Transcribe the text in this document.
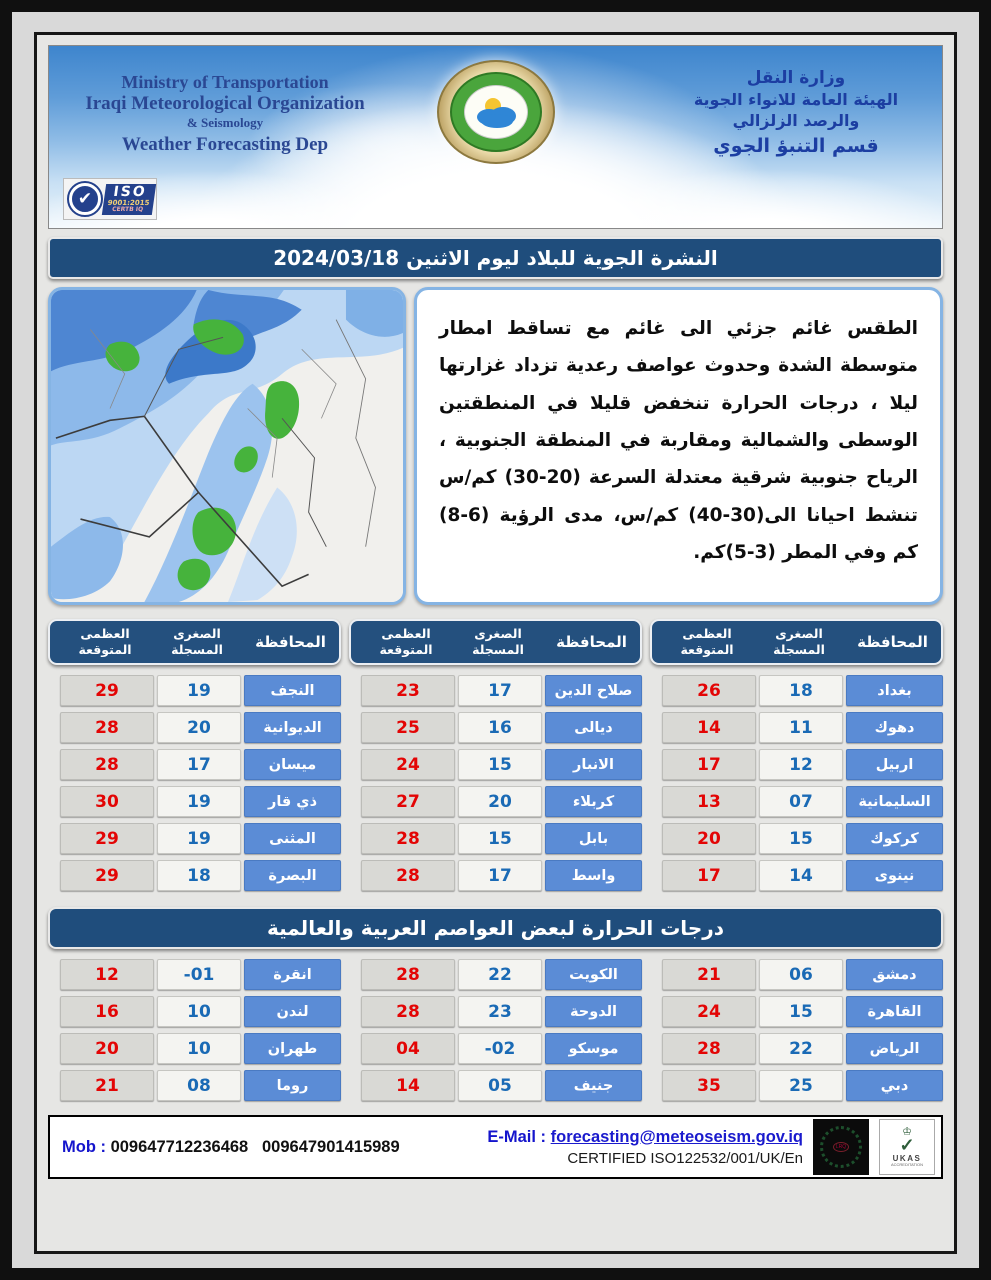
Ministry of Transportation
Iraqi Meteorological Organization
& Seismology
Weather Forecasting Dep
وزارة النقل
الهيئة العامة للانواء الجوية
والرصد الزلزالي
قسم التنبؤ الجوي
✔	ISO
9001:2015
CERTB IQ
النشرة الجوية للبلاد ليوم الاثنين 2024/03/18
الطقس غائم جزئي الى غائم مع تساقط امطار متوسطة الشدة وحدوث عواصف رعدية تزداد غزارتها ليلا ، درجات الحرارة تنخفض قليلا في المنطقتين الوسطى والشمالية ومقاربة في المنطقة الجنوبية ، الرياح جنوبية شرقية معتدلة السرعة (20-30) كم/س تنشط احيانا الى(30-40) كم/س، مدى الرؤية (6-8) كم وفي المطر (3-5)كم.
المحافظة
الصغرى
المسجلة
العظمى
المتوقعة
بغداد
18
26
دهوك
11
14
اربيل
12
17
السليمانية
07
13
كركوك
15
20
نينوى
14
17
المحافظة
الصغرى
المسجلة
العظمى
المتوقعة
صلاح الدين
17
23
ديالى
16
25
الانبار
15
24
كربلاء
20
27
بابل
15
28
واسط
17
28
المحافظة
الصغرى
المسجلة
العظمى
المتوقعة
النجف
19
29
الديوانية
20
28
ميسان
17
28
ذي قار
19
30
المثنى
19
29
البصرة
18
29
درجات الحرارة لبعض العواصم العربية والعالمية
دمشق
06
21
القاهرة
15
24
الرياض
22
28
دبي
25
35
الكويت
22
28
الدوحة
23
28
موسكو
-02
04
جنيف
05
14
انقرة
-01
12
لندن
10
16
طهران
10
20
روما
08
21
Mob : 009647712236468 009647901415989
E-Mail : forecasting@meteoseism.gov.iq
CERTIFIED ISO122532/001/UK/En
LRQ
♔
✓
UKAS
ACCREDITATION
